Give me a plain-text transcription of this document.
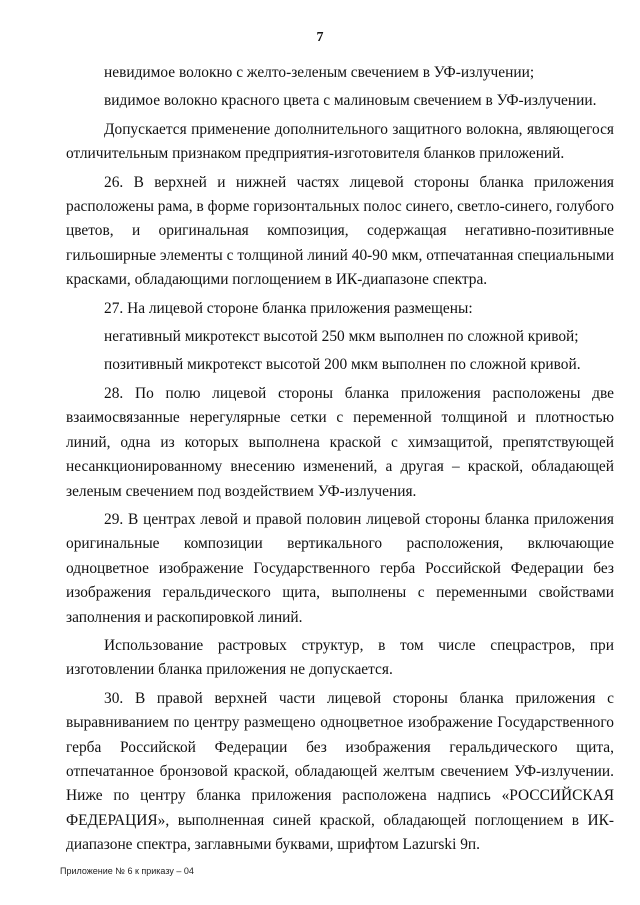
7

невидимое волокно с желто-зеленым свечением в УФ-излучении;

видимое волокно красного цвета с малиновым свечением в УФ-излучении.

Допускается применение дополнительного защитного волокна, являющегося отличительным признаком предприятия-изготовителя бланков приложений.

26. В верхней и нижней частях лицевой стороны бланка приложения расположены рама, в форме горизонтальных полос синего, светло-синего, голубого цветов, и оригинальная композиция, содержащая негативно-позитивные гильоширные элементы с толщиной линий 40-90 мкм, отпечатанная специальными красками, обладающими поглощением в ИК-диапазоне спектра.

27. На лицевой стороне бланка приложения размещены:

негативный микротекст высотой 250 мкм выполнен по сложной кривой;

позитивный микротекст высотой 200 мкм выполнен по сложной кривой.

28. По полю лицевой стороны бланка приложения расположены две взаимосвязанные нерегулярные сетки с переменной толщиной и плотностью линий, одна из которых выполнена краской с химзащитой, препятствующей несанкционированному внесению изменений, а другая – краской, обладающей зеленым свечением под воздействием УФ-излучения.

29. В центрах левой и правой половин лицевой стороны бланка приложения оригинальные композиции вертикального расположения, включающие одноцветное изображение Государственного герба Российской Федерации без изображения геральдического щита, выполнены с переменными свойствами заполнения и раскопировкой линий.

Использование растровых структур, в том числе спецрастров, при изготовлении бланка приложения не допускается.

30. В правой верхней части лицевой стороны бланка приложения с выравниванием по центру размещено одноцветное изображение Государственного герба Российской Федерации без изображения геральдического щита, отпечатанное бронзовой краской, обладающей желтым свечением УФ-излучении. Ниже по центру бланка приложения расположена надпись «РОССИЙСКАЯ ФЕДЕРАЦИЯ», выполненная синей краской, обладающей поглощением в ИК-диапазоне спектра, заглавными буквами, шрифтом Lazurski 9п.

Приложение № 6 к приказу – 04
